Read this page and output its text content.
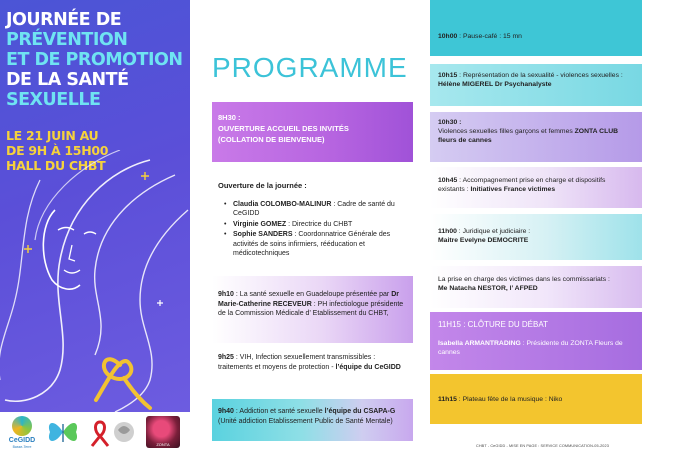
JOURNÉE DE
PRÉVENTION
ET DE PROMOTION
DE LA SANTÉ
SEXUELLE
LE 21 JUIN AU
DE 9H À 15H00
HALL DU CHBT
CeGIDD
Basse-Terre	ZONTA
PROGRAMME
8H30 :
OUVERTURE ACCUEIL DES INVITÉS
(COLLATION DE BIENVENUE)
Ouverture de la journée :
• Claudia COLOMBO-MALINUR : Cadre de santé du CeGIDD
• Virginie GOMEZ : Directrice du CHBT
• Sophie SANDERS : Coordonnatrice Générale des activités de soins infirmiers, rééducation et médicotechniques
9h10 : La santé sexuelle en Guadeloupe présentée par Dr Marie-Catherine RECEVEUR : PH infectiologue présidente de la Commission Médicale d’ Etablissement du CHBT,
9h25 : VIH, Infection sexuellement transmissibles : traitements et moyens de protection - l’équipe du CeGIDD
9h40 : Addiction et santé sexuelle l’équipe du CSAPA-G (Unité addiction Etablissement Public de Santé Mentale)
10h00 : Pause-café : 15 mn
10h15 : Représentation de la sexualité - violences sexuelles :
Hélène MIGEREL Dr Psychanalyste
10h30 :
Violences sexuelles filles garçons et femmes ZONTA CLUB fleurs de cannes
10h45 : Accompagnement prise en charge et dispositifs existants : Initiatives France victimes
11h00 : Juridique et judiciaire :
Maitre Evelyne DEMOCRITE
La prise en charge des victimes dans les commissariats :
Me Natacha NESTOR, l’ AFPED
11H15 : CLÔTURE DU DÉBAT
Isabella ARMANTRADING : Présidente du ZONTA Fleurs de cannes
11h15 : Plateau fête de la musique : Niko
CHBT - CeGIDD - MISE EN PAGE : SERVICE COMMUNICATION-05-2023
